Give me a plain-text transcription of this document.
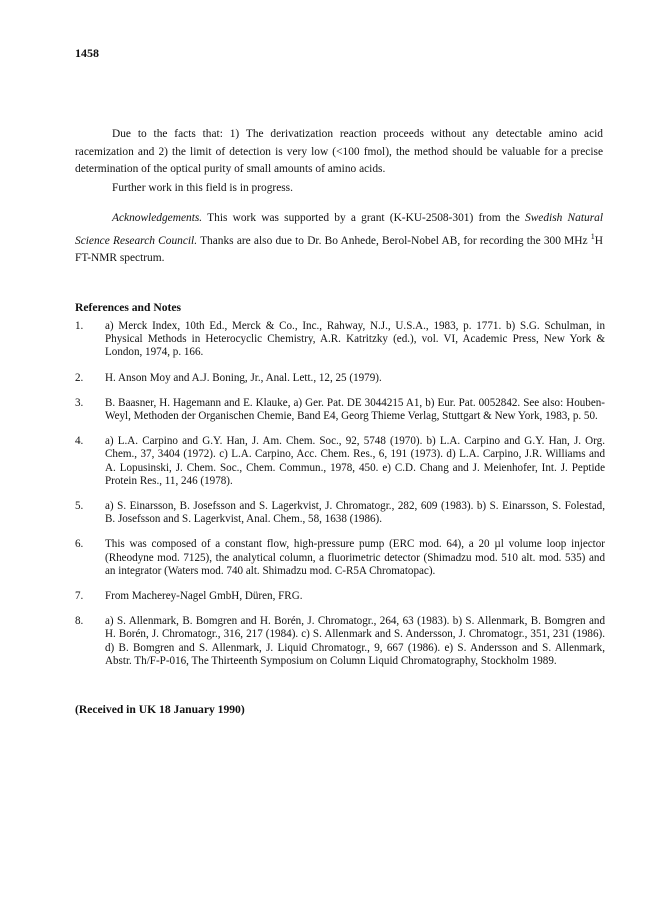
1458

Due to the facts that: 1) The derivatization reaction proceeds without any detectable amino acid racemization and 2) the limit of detection is very low (<100 fmol), the method should be valuable for a precise determination of the optical purity of small amounts of amino acids.

Further work in this field is in progress.

Acknowledgements. This work was supported by a grant (K-KU-2508-301) from the Swedish Natural Science Research Council. Thanks are also due to Dr. Bo Anhede, Berol-Nobel AB, for recording the 300 MHz $^1$H FT-NMR spectrum.

References and Notes
1.	a) Merck Index, 10th Ed., Merck & Co., Inc., Rahway, N.J., U.S.A., 1983, p. 1771. b) S.G. Schulman, in Physical Methods in Heterocyclic Chemistry, A.R. Katritzky (ed.), vol. VI, Academic Press, New York & London, 1974, p. 166.
2.	H. Anson Moy and A.J. Boning, Jr., Anal. Lett., 12, 25 (1979).
3.	B. Baasner, H. Hagemann and E. Klauke, a) Ger. Pat. DE 3044215 A1, b) Eur. Pat. 0052842. See also: Houben-Weyl, Methoden der Organischen Chemie, Band E4, Georg Thieme Verlag, Stuttgart & New York, 1983, p. 50.
4.	a) L.A. Carpino and G.Y. Han, J. Am. Chem. Soc., 92, 5748 (1970). b) L.A. Carpino and G.Y. Han, J. Org. Chem., 37, 3404 (1972). c) L.A. Carpino, Acc. Chem. Res., 6, 191 (1973). d) L.A. Carpino, J.R. Williams and A. Lopusinski, J. Chem. Soc., Chem. Commun., 1978, 450. e) C.D. Chang and J. Meienhofer, Int. J. Peptide Protein Res., 11, 246 (1978).
5.	a) S. Einarsson, B. Josefsson and S. Lagerkvist, J. Chromatogr., 282, 609 (1983). b) S. Einarsson, S. Folestad, B. Josefsson and S. Lagerkvist, Anal. Chem., 58, 1638 (1986).
6.	This was composed of a constant flow, high-pressure pump (ERC mod. 64), a 20 µl volume loop injector (Rheodyne mod. 7125), the analytical column, a fluorimetric detector (Shimadzu mod. 510 alt. mod. 535) and an integrator (Waters mod. 740 alt. Shimadzu mod. C-R5A Chromatopac).
7.	From Macherey-Nagel GmbH, Düren, FRG.
8.	a) S. Allenmark, B. Bomgren and H. Borén, J. Chromatogr., 264, 63 (1983). b) S. Allenmark, B. Bomgren and H. Borén, J. Chromatogr., 316, 217 (1984). c) S. Allenmark and S. Andersson, J. Chromatogr., 351, 231 (1986). d) B. Bomgren and S. Allenmark, J. Liquid Chromatogr., 9, 667 (1986). e) S. Andersson and S. Allenmark, Abstr. Th/F-P-016, The Thirteenth Symposium on Column Liquid Chromatography, Stockholm 1989.
(Received in UK 18 January 1990)
